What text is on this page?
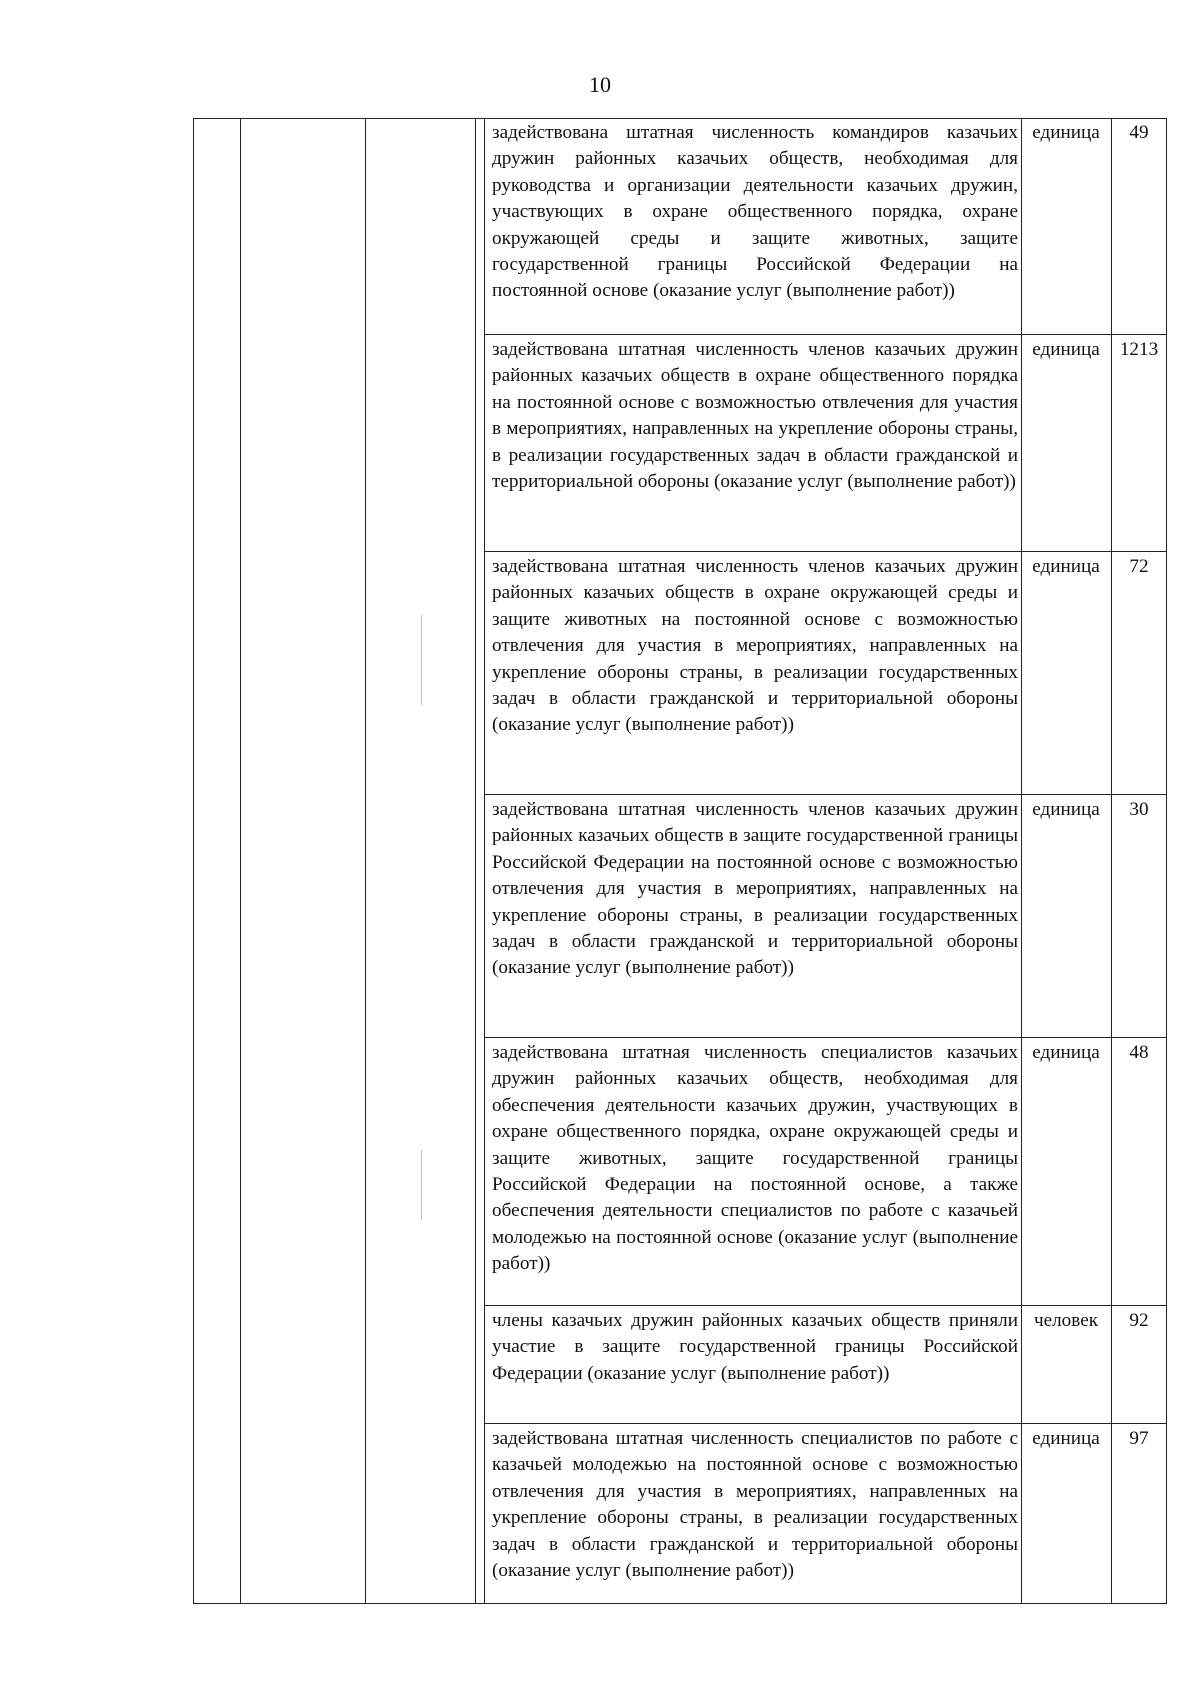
10
задействована штатная численность командиров казачьих дружин районных казачьих обществ, необходимая для руководства и организации деятельности казачьих дружин, участвующих в охране общественного порядка, охране окружающей среды и защите животных, защите государственной границы Российской Федерации на постоянной основе (оказание услуг (выполнение работ))
единица	49
задействована штатная численность членов казачьих дружин районных казачьих обществ в охране общественного порядка на постоянной основе с возможностью отвлечения для участия в мероприятиях, направленных на укрепление обороны страны, в реализации государственных задач в области гражданской и территориальной обороны (оказание услуг (выполнение работ))
единица	1213
задействована штатная численность членов казачьих дружин районных казачьих обществ в охране окружающей среды и защите животных на постоянной основе с возможностью отвлечения для участия в мероприятиях, направленных на укрепление обороны страны, в реализации государственных задач в области гражданской и территориальной обороны (оказание услуг (выполнение работ))
единица	72
задействована штатная численность членов казачьих дружин районных казачьих обществ в защите государственной границы Российской Федерации на постоянной основе с возможностью отвлечения для участия в мероприятиях, направленных на укрепление обороны страны, в реализации государственных задач в области гражданской и территориальной обороны (оказание услуг (выполнение работ))
единица	30
задействована штатная численность специалистов казачьих дружин районных казачьих обществ, необходимая для обеспечения деятельности казачьих дружин, участвующих в охране общественного порядка, охране окружающей среды и защите животных, защите государственной границы Российской Федерации на постоянной основе, а также обеспечения деятельности специалистов по работе с казачьей молодежью на постоянной основе (оказание услуг (выполнение работ))
единица	48
члены казачьих дружин районных казачьих обществ приняли участие в защите государственной границы Российской Федерации (оказание услуг (выполнение работ))
человек	92
задействована штатная численность специалистов по работе с казачьей молодежью на постоянной основе с возможностью отвлечения для участия в мероприятиях, направленных на укрепление обороны страны, в реализации государственных задач в области гражданской и территориальной обороны (оказание услуг (выполнение работ))
единица	97
